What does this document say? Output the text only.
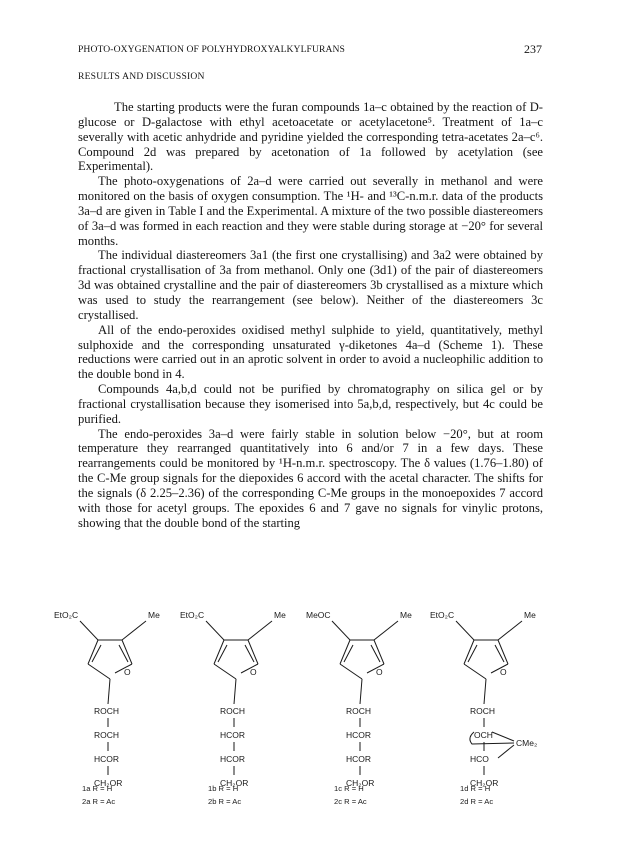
PHOTO-OXYGENATION OF POLYHYDROXYALKYLFURANS	237
RESULTS AND DISCUSSION

The starting products were the furan compounds 1a–c obtained by the reaction of D-glucose or D-galactose with ethyl acetoacetate or acetylacetone⁵. Treatment of 1a–c severally with acetic anhydride and pyridine yielded the corresponding tetra-acetates 2a–c⁶. Compound 2d was prepared by acetonation of 1a followed by acetylation (see Experimental).

The photo-oxygenations of 2a–d were carried out severally in methanol and were monitored on the basis of oxygen consumption. The ¹H- and ¹³C-n.m.r. data of the products 3a–d are given in Table I and the Experimental. A mixture of the two possible diastereomers of 3a–d was formed in each reaction and they were stable during storage at −20° for several months.

The individual diastereomers 3a1 (the first one crystallising) and 3a2 were obtained by fractional crystallisation of 3a from methanol. Only one (3d1) of the pair of diastereomers 3d was obtained crystalline and the pair of diastereomers 3b crystallised as a mixture which was used to study the rearrangement (see below). Neither of the diastereomers 3c crystallised.

All of the endo-peroxides oxidised methyl sulphide to yield, quantitatively, methyl sulphoxide and the corresponding unsaturated γ-diketones 4a–d (Scheme 1). These reductions were carried out in an aprotic solvent in order to avoid a nucleophilic addition to the double bond in 4.

Compounds 4a,b,d could not be purified by chromatography on silica gel or by fractional crystallisation because they isomerised into 5a,b,d, respectively, but 4c could be purified.

The endo-peroxides 3a–d were fairly stable in solution below −20°, but at room temperature they rearranged quantitatively into 6 and/or 7 in a few days. These rearrangements could be monitored by ¹H-n.m.r. spectroscopy. The δ values (1.76–1.80) of the C-Me group signals for the diepoxides 6 accord with the acetal character. The shifts for the signals (δ 2.25–2.36) of the corresponding C-Me groups in the monoepoxides 7 accord with those for acetyl groups. The epoxides 6 and 7 gave no signals for vinylic protons, showing that the double bond of the starting

EtO₂C	Me
O
ROCH
ROCH
HCOR
CH₂OR
EtO₂C	Me
O
ROCH
HCOR
HCOR
CH₂OR
MeOC	Me
O
ROCH
HCOR
HCOR
CH₂OR
EtO₂C	Me
O
ROCH
OCH
HCO
CH₂OR
CMe₂
1a R = H
2a R = Ac
1b R = H
2b R = Ac
1c R = H
2c R = Ac
1d R = H
2d R = Ac
